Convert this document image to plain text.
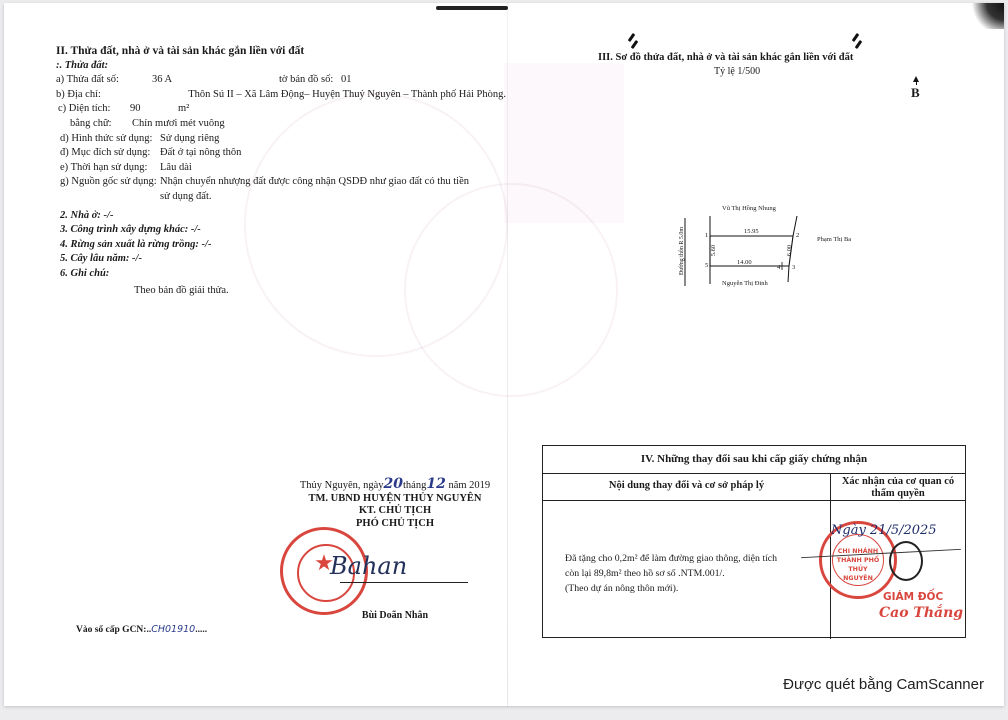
II. Thửa đất, nhà ở và tài sản khác gắn liền với đất
:. Thửa đất:
a) Thửa đất số:	36 A	tờ bản đồ số: 01
b) Địa chỉ:	Thôn Sú II – Xã Lâm Động– Huyện Thuỷ Nguyên – Thành phố Hải Phòng.
c) Diện tích:	90	m²
bằng chữ:	Chín mươi mét vuông
d) Hình thức sử dụng: Sử dụng riêng
đ) Mục đích sử dụng: Đất ở tại nông thôn
e) Thời hạn sử dụng:	Lâu dài
g) Nguồn gốc sử dụng: Nhận chuyển nhượng đất được công nhận QSDĐ như giao đất có thu tiền
sử dụng đất.
2. Nhà ở: -/-
3. Công trình xây dựng khác: -/-
4. Rừng sản xuất là rừng trồng: -/-
5. Cây lâu năm: -/-
6. Ghi chú:
Theo bản đồ giải thửa.
Thủy Nguyên, ngày20tháng12 năm 2019
TM. UBND HUYỆN THỦY NGUYÊN
KT. CHỦ TỊCH
PHÓ CHỦ TỊCH
Bùi Doãn Nhân
★
Bahan
Vào sổ cấp GCN:..CH01910.....
III. Sơ đồ thửa đất, nhà ở và tài sản khác gắn liền với đất
Tỷ lệ 1/500
B
Vũ Thị Hồng Nhung
Phạm Thị Ba
Nguyễn Thị Đinh
Đường thôn R 5.0m	15.95
14.00
5.60	6.00
1	2
3
4
5
IV. Những thay đổi sau khi cấp giấy chứng nhận
Nội dung thay đổi và cơ sở pháp lý	Xác nhận của cơ quan có thẩm quyền
Đã tặng cho 0,2m² để làm đường giao thông, diện tích
còn lại 89,8m² theo hồ sơ số .NTM.001/.
(Theo dự án nông thôn mới).
CHI NHÁNH
THÀNH PHỐ
THỦY NGUYÊN
Ngày 21/5/2025
GIÁM ĐỐC
Cao Thắng
Được quét bằng CamScanner
